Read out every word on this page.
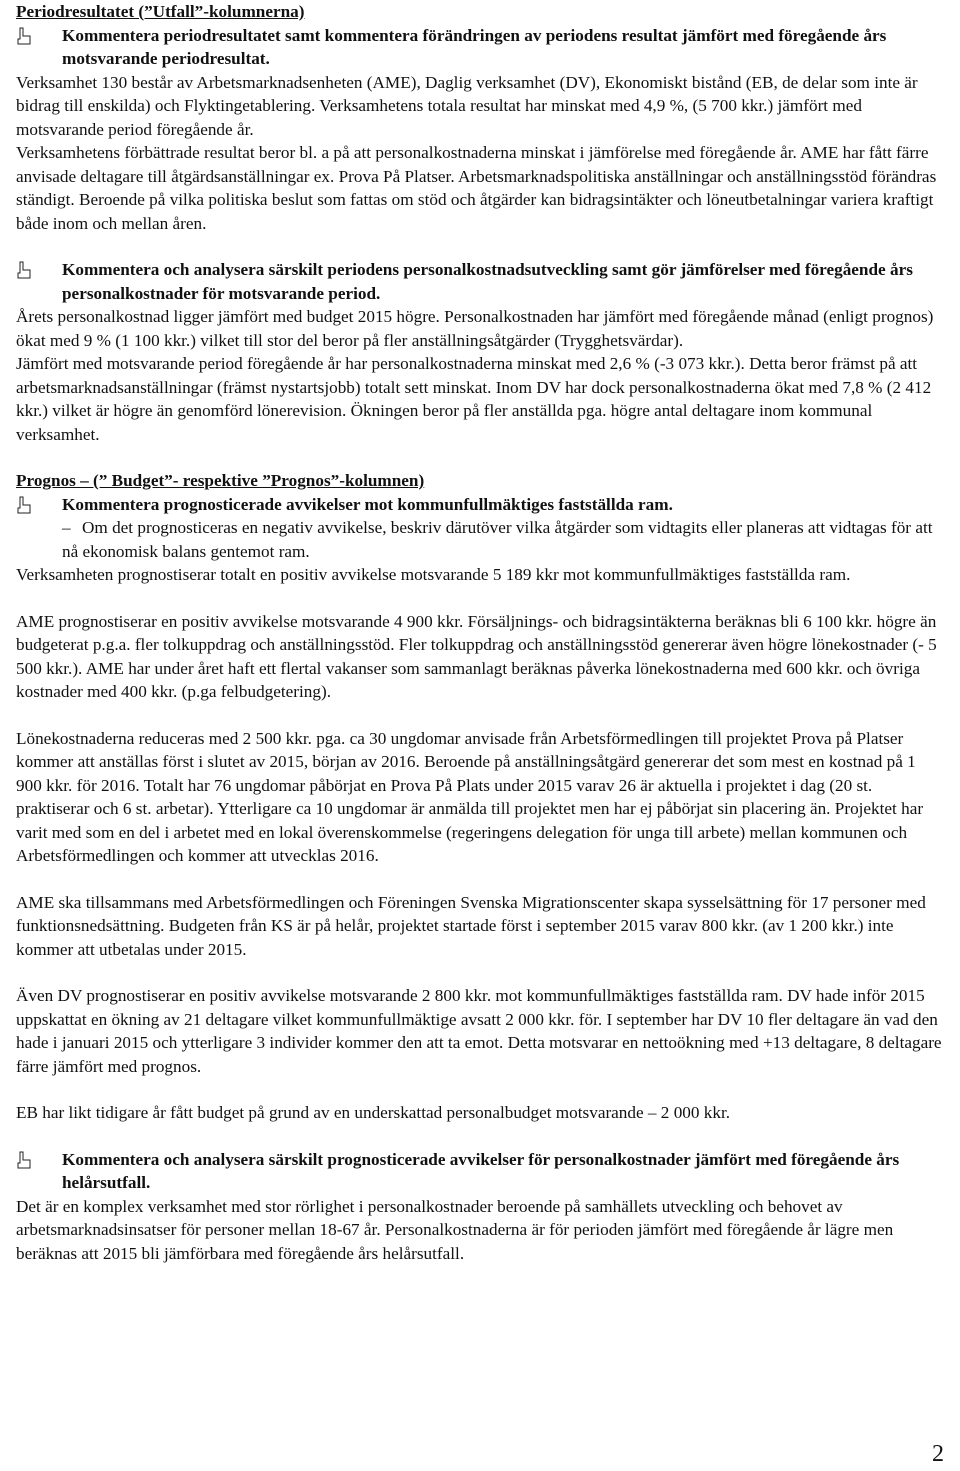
Periodresultatet (”Utfall”-kolumnerna)

Kommentera periodresultatet samt kommentera förändringen av periodens resultat jämfört med föregående års motsvarande periodresultat.

Verksamhet 130 består av Arbetsmarknadsenheten (AME), Daglig verksamhet (DV), Ekonomiskt bistånd (EB, de delar som inte är bidrag till enskilda) och Flyktingetablering. Verksamhetens totala resultat har minskat med 4,9 %, (5 700 kkr.) jämfört med motsvarande period föregående år.

Verksamhetens förbättrade resultat beror bl. a på att personalkostnaderna minskat i jämförelse med föregående år. AME har fått färre anvisade deltagare till åtgärdsanställningar ex. Prova På Platser. Arbetsmarknadspolitiska anställningar och anställningsstöd förändras ständigt. Beroende på vilka politiska beslut som fattas om stöd och åtgärder kan bidragsintäkter och löneutbetalningar variera kraftigt både inom och mellan åren.

Kommentera och analysera särskilt periodens personalkostnadsutveckling samt gör jämförelser med föregående års personalkostnader för motsvarande period.

Årets personalkostnad ligger jämfört med budget 2015 högre. Personalkostnaden har jämfört med föregående månad (enligt prognos) ökat med 9 % (1 100 kkr.) vilket till stor del beror på fler anställningsåtgärder (Trygghetsvärdar).

Jämfört med motsvarande period föregående år har personalkostnaderna minskat med 2,6 % (-3 073 kkr.). Detta beror främst på att arbetsmarknadsanställningar (främst nystartsjobb) totalt sett minskat. Inom DV har dock personalkostnaderna ökat med 7,8 % (2 412 kkr.) vilket är högre än genomförd lönerevision. Ökningen beror på fler anställda pga. högre antal deltagare inom kommunal verksamhet.

Prognos – (” Budget”- respektive ”Prognos”-kolumnen)

Kommentera prognosticerade avvikelser mot kommunfullmäktiges fastställda ram.

– Om det prognosticeras en negativ avvikelse, beskriv därutöver vilka åtgärder som vidtagits eller planeras att vidtagas för att nå ekonomisk balans gentemot ram.

Verksamheten prognostiserar totalt en positiv avvikelse motsvarande 5 189 kkr mot kommunfullmäktiges fastställda ram.

AME prognostiserar en positiv avvikelse motsvarande 4 900 kkr. Försäljnings- och bidragsintäkterna beräknas bli 6 100 kkr. högre än budgeterat p.g.a. fler tolkuppdrag och anställningsstöd. Fler tolkuppdrag och anställningsstöd genererar även högre lönekostnader (- 5 500 kkr.). AME har under året haft ett flertal vakanser som sammanlagt beräknas påverka lönekostnaderna med 600 kkr. och övriga kostnader med 400 kkr. (p.ga felbudgetering).

Lönekostnaderna reduceras med 2 500 kkr. pga. ca 30 ungdomar anvisade från Arbetsförmedlingen till projektet Prova på Platser kommer att anställas först i slutet av 2015, början av 2016. Beroende på anställningsåtgärd genererar det som mest en kostnad på 1 900 kkr. för 2016. Totalt har 76 ungdomar påbörjat en Prova På Plats under 2015 varav 26 är aktuella i projektet i dag (20 st. praktiserar och 6 st. arbetar). Ytterligare ca 10 ungdomar är anmälda till projektet men har ej påbörjat sin placering än. Projektet har varit med som en del i arbetet med en lokal överenskommelse (regeringens delegation för unga till arbete) mellan kommunen och Arbetsförmedlingen och kommer att utvecklas 2016.

AME ska tillsammans med Arbetsförmedlingen och Föreningen Svenska Migrationscenter skapa sysselsättning för 17 personer med funktionsnedsättning. Budgeten från KS är på helår, projektet startade först i september 2015 varav 800 kkr. (av 1 200 kkr.) inte kommer att utbetalas under 2015.

Även DV prognostiserar en positiv avvikelse motsvarande 2 800 kkr. mot kommunfullmäktiges fastställda ram. DV hade inför 2015 uppskattat en ökning av 21 deltagare vilket kommunfullmäktige avsatt 2 000 kkr. för. I september har DV 10 fler deltagare än vad den hade i januari 2015 och ytterligare 3 individer kommer den att ta emot. Detta motsvarar en nettoökning med +13 deltagare, 8 deltagare färre jämfört med prognos.

EB har likt tidigare år fått budget på grund av en underskattad personalbudget motsvarande – 2 000 kkr.

Kommentera och analysera särskilt prognosticerade avvikelser för personalkostnader jämfört med föregående års helårsutfall.

Det är en komplex verksamhet med stor rörlighet i personalkostnader beroende på samhällets utveckling och behovet av arbetsmarknadsinsatser för personer mellan 18-67 år. Personalkostnaderna är för perioden jämfört med föregående år lägre men beräknas att 2015 bli jämförbara med föregående års helårsutfall.

2
